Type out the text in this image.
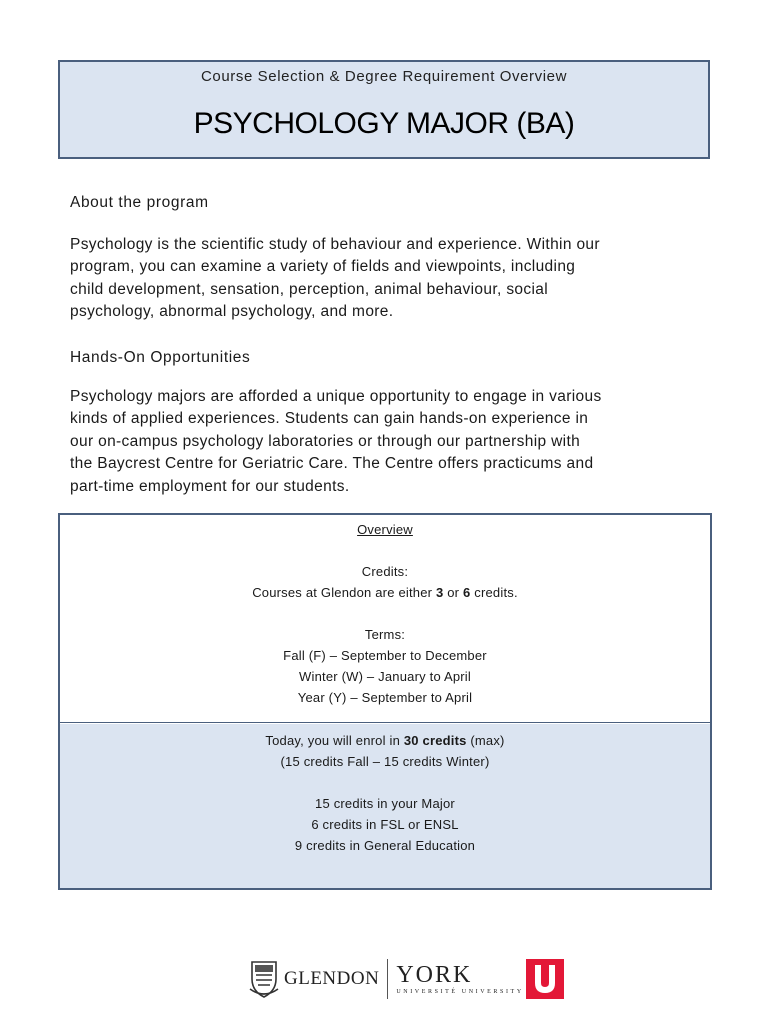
Course Selection & Degree Requirement Overview
PSYCHOLOGY MAJOR (BA)
About the program
Psychology is the scientific study of behaviour and experience. Within our
program, you can examine a variety of fields and viewpoints, including
child development, sensation, perception, animal behaviour, social
psychology, abnormal psychology, and more.
Hands-On Opportunities
Psychology majors are afforded a unique opportunity to engage in various
kinds of applied experiences. Students can gain hands-on experience in
our on-campus psychology laboratories or through our partnership with
the Baycrest Centre for Geriatric Care. The Centre offers practicums and
part-time employment for our students.
Overview
Credits:
Courses at Glendon are either 3 or 6 credits.
Terms:
Fall (F) – September to December
Winter (W) – January to April
Year (Y) – September to April
Today, you will enrol in 30 credits (max)
(15 credits Fall – 15 credits Winter)
15 credits in your Major
6 credits in FSL or ENSL
9 credits in General Education
GLENDON YORK
UNIVERSITÉ UNIVERSITY
